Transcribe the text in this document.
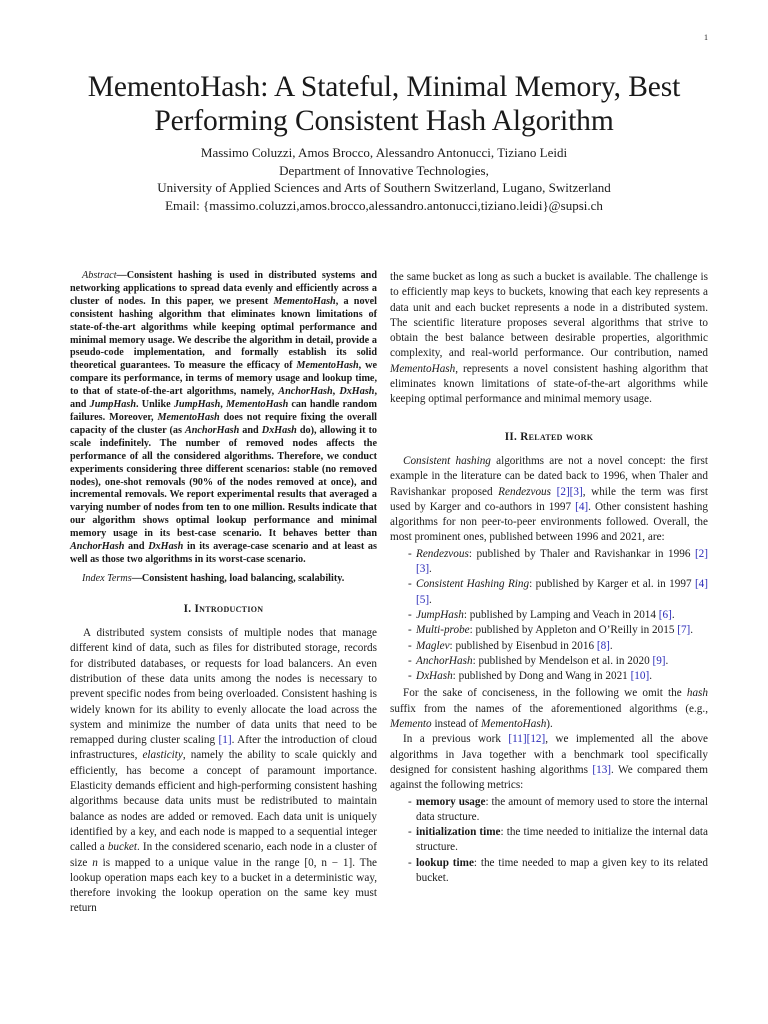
1
MementoHash: A Stateful, Minimal Memory, Best
Performing Consistent Hash Algorithm
Massimo Coluzzi, Amos Brocco, Alessandro Antonucci, Tiziano Leidi
Department of Innovative Technologies,
University of Applied Sciences and Arts of Southern Switzerland, Lugano, Switzerland
Email: {massimo.coluzzi,amos.brocco,alessandro.antonucci,tiziano.leidi}@supsi.ch

Abstract—Consistent hashing is used in distributed systems and networking applications to spread data evenly and efficiently across a cluster of nodes. In this paper, we present MementoHash, a novel consistent hashing algorithm that eliminates known limitations of state-of-the-art algorithms while keeping optimal performance and minimal memory usage. We describe the algorithm in detail, provide a pseudo-code implementation, and formally establish its solid theoretical guarantees. To measure the efficacy of MementoHash, we compare its performance, in terms of memory usage and lookup time, to that of state-of-the-art algorithms, namely, AnchorHash, DxHash, and JumpHash. Unlike JumpHash, MementoHash can handle random failures. Moreover, MementoHash does not require fixing the overall capacity of the cluster (as AnchorHash and DxHash do), allowing it to scale indefinitely. The number of removed nodes affects the performance of all the considered algorithms. Therefore, we conduct experiments considering three different scenarios: stable (no removed nodes), one-shot removals (90% of the nodes removed at once), and incremental removals. We report experimental results that averaged a varying number of nodes from ten to one million. Results indicate that our algorithm shows optimal lookup performance and minimal memory usage in its best-case scenario. It behaves better than AnchorHash and DxHash in its average-case scenario and at least as well as those two algorithms in its worst-case scenario.

Index Terms—Consistent hashing, load balancing, scalability.

I. Introduction

A distributed system consists of multiple nodes that manage different kind of data, such as files for distributed storage, records for distributed databases, or requests for load balancers. An even distribution of these data units among the nodes is necessary to prevent specific nodes from being overloaded. Consistent hashing is widely known for its ability to evenly allocate the load across the system and minimize the number of data units that need to be remapped during cluster scaling [1]. After the introduction of cloud infrastructures, elasticity, namely the ability to scale quickly and efficiently, has become a concept of paramount importance. Elasticity demands efficient and high-performing consistent hashing algorithms because data units must be redistributed to maintain balance as nodes are added or removed. Each data unit is uniquely identified by a key, and each node is mapped to a sequential integer called a bucket. In the considered scenario, each node in a cluster of size n is mapped to a unique value in the range [0, n − 1]. The lookup operation maps each key to a bucket in a deterministic way, therefore invoking the lookup operation on the same key must return

the same bucket as long as such a bucket is available. The challenge is to efficiently map keys to buckets, knowing that each key represents a data unit and each bucket represents a node in a distributed system. The scientific literature proposes several algorithms that strive to obtain the best balance between desirable properties, algorithmic complexity, and real-world performance. Our contribution, named MementoHash, represents a novel consistent hashing algorithm that eliminates known limitations of state-of-the-art algorithms while keeping optimal performance and minimal memory usage.

II. Related work

Consistent hashing algorithms are not a novel concept: the first example in the literature can be dated back to 1996, when Thaler and Ravishankar proposed Rendezvous [2][3], while the term was first used by Karger and co-authors in 1997 [4]. Other consistent hashing algorithms for non peer-to-peer environments followed. Overall, the most prominent ones, published between 1996 and 2021, are:

- Rendezvous: published by Thaler and Ravishankar in 1996 [2][3].
- Consistent Hashing Ring: published by Karger et al. in 1997 [4][5].
- JumpHash: published by Lamping and Veach in 2014 [6].
- Multi-probe: published by Appleton and O’Reilly in 2015 [7].
- Maglev: published by Eisenbud in 2016 [8].
- AnchorHash: published by Mendelson et al. in 2020 [9].
- DxHash: published by Dong and Wang in 2021 [10].

For the sake of conciseness, in the following we omit the hash suffix from the names of the aforementioned algorithms (e.g., Memento instead of MementoHash).

In a previous work [11][12], we implemented all the above algorithms in Java together with a benchmark tool specifically designed for consistent hashing algorithms [13]. We compared them against the following metrics:

- memory usage: the amount of memory used to store the internal data structure.
- initialization time: the time needed to initialize the internal data structure.
- lookup time: the time needed to map a given key to its related bucket.
